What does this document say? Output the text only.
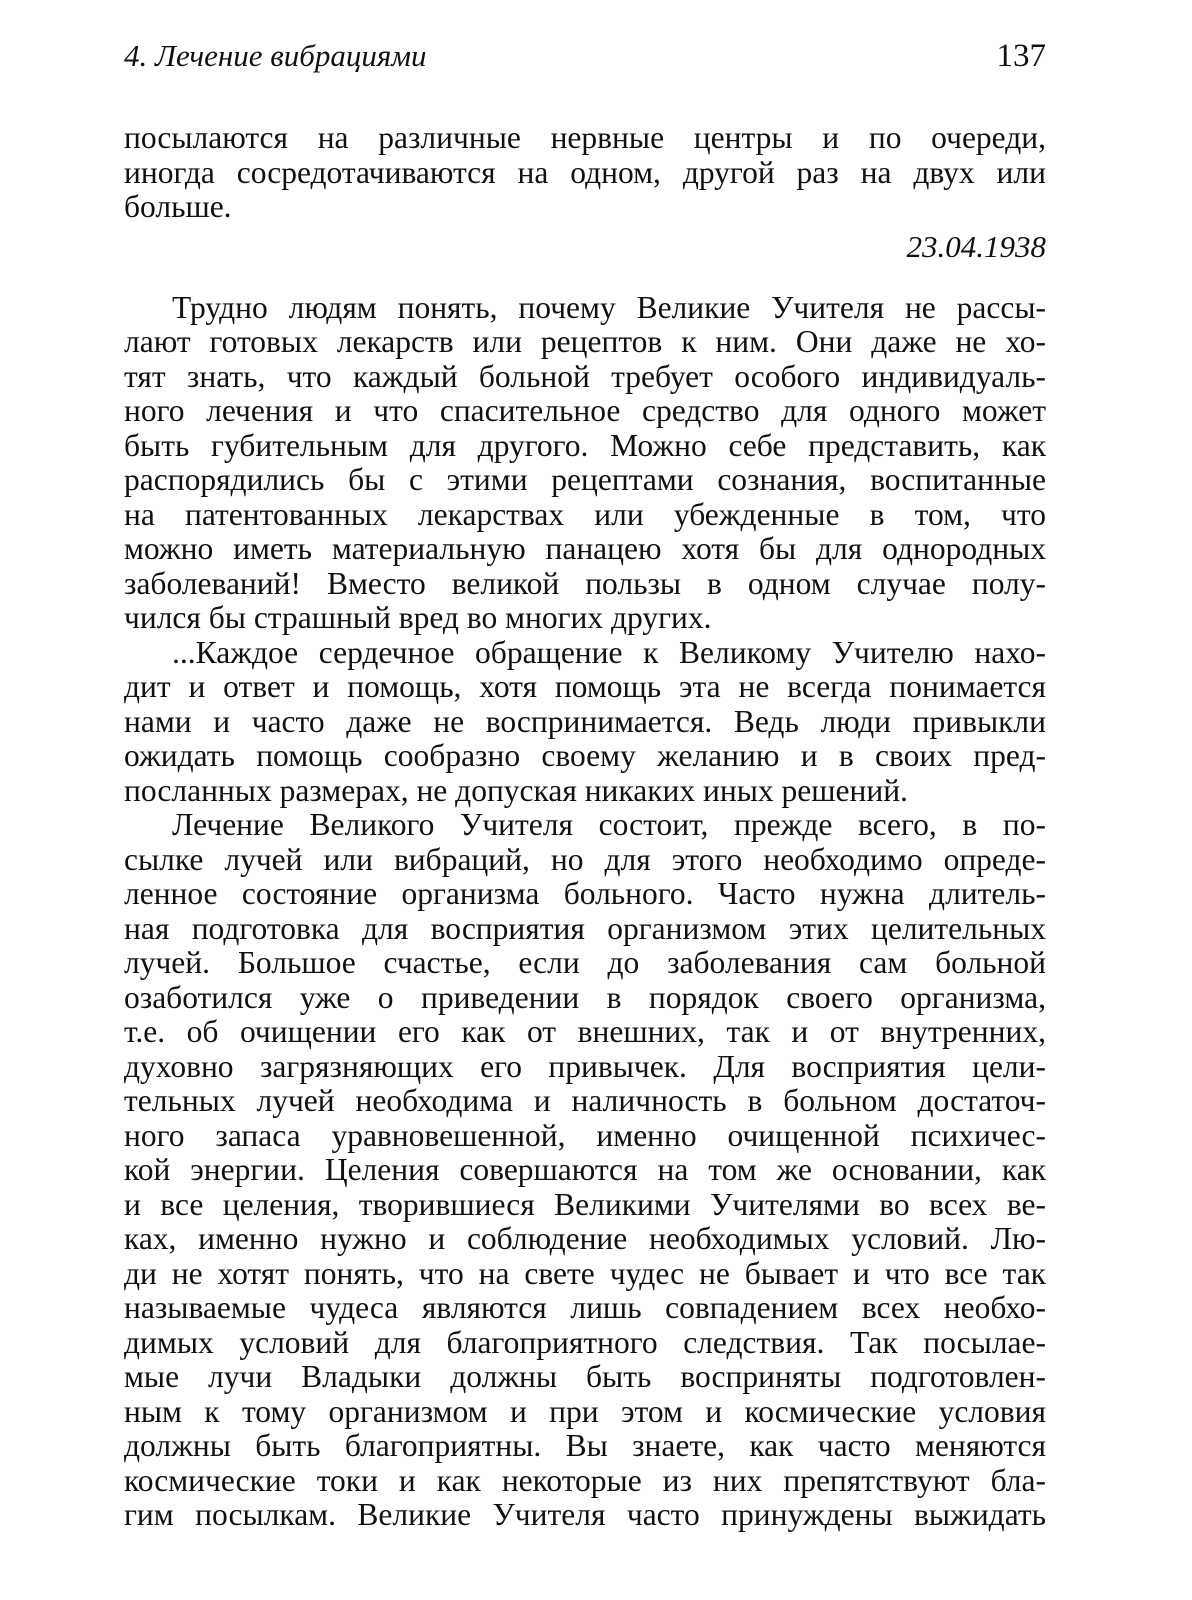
4. Лечение вибрациями	137
посылаются на различные нервные центры и по очереди,
иногда сосредотачиваются на одном, другой раз на двух или
больше.
23.04.1938
Трудно людям понять, почему Великие Учителя не рассы-
лают готовых лекарств или рецептов к ним. Они даже не хо-
тят знать, что каждый больной требует особого индивидуаль-
ного лечения и что спасительное средство для одного может
быть губительным для другого. Можно себе представить, как
распорядились бы с этими рецептами сознания, воспитанные
на патентованных лекарствах или убежденные в том, что
можно иметь материальную панацею хотя бы для однородных
заболеваний! Вместо великой пользы в одном случае полу-
чился бы страшный вред во многих других.
...Каждое сердечное обращение к Великому Учителю нахо-
дит и ответ и помощь, хотя помощь эта не всегда понимается
нами и часто даже не воспринимается. Ведь люди привыкли
ожидать помощь сообразно своему желанию и в своих пред-
посланных размерах, не допуская никаких иных решений.
Лечение Великого Учителя состоит, прежде всего, в по-
сылке лучей или вибраций, но для этого необходимо опреде-
ленное состояние организма больного. Часто нужна длитель-
ная подготовка для восприятия организмом этих целительных
лучей. Большое счастье, если до заболевания сам больной
озаботился уже о приведении в порядок своего организма,
т.е. об очищении его как от внешних, так и от внутренних,
духовно загрязняющих его привычек. Для восприятия цели-
тельных лучей необходима и наличность в больном достаточ-
ного запаса уравновешенной, именно очищенной психичес-
кой энергии. Целения совершаются на том же основании, как
и все целения, творившиеся Великими Учителями во всех ве-
ках, именно нужно и соблюдение необходимых условий. Лю-
ди не хотят понять, что на свете чудес не бывает и что все так
называемые чудеса являются лишь совпадением всех необхо-
димых условий для благоприятного следствия. Так посылае-
мые лучи Владыки должны быть восприняты подготовлен-
ным к тому организмом и при этом и космические условия
должны быть благоприятны. Вы знаете, как часто меняются
космические токи и как некоторые из них препятствуют бла-
гим посылкам. Великие Учителя часто принуждены выжидать
